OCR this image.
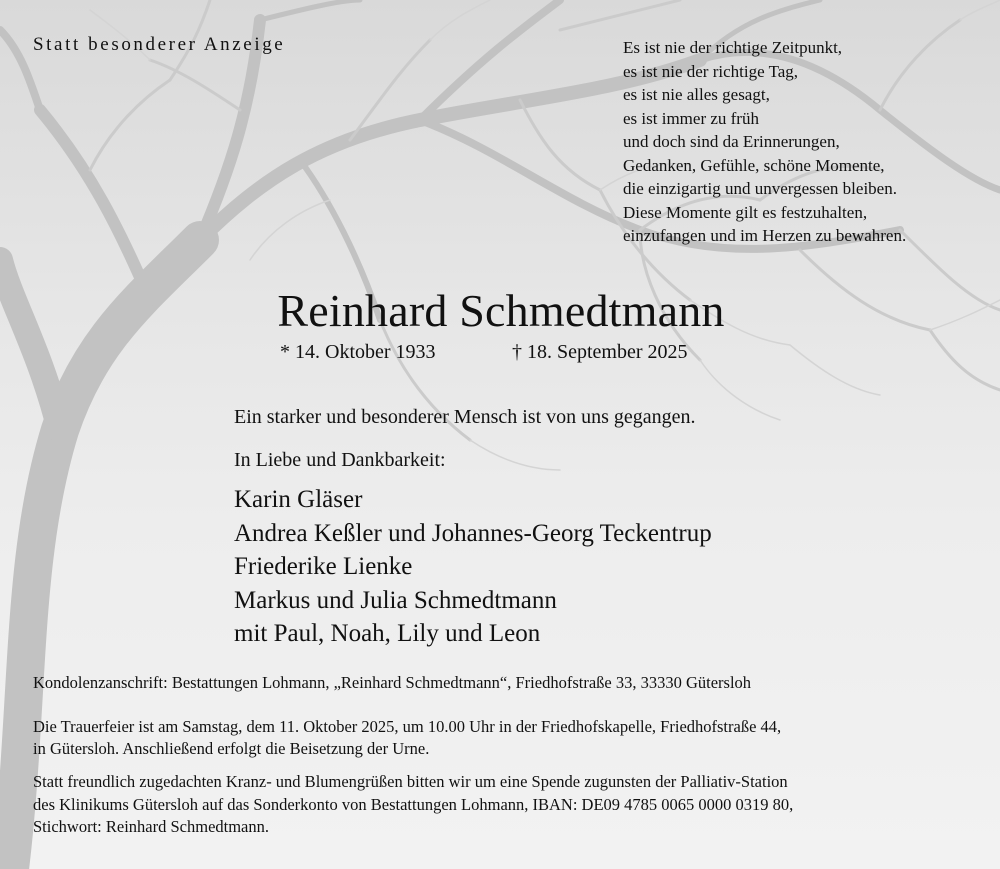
Statt besonderer Anzeige	Es ist nie der richtige Zeitpunkt,
es ist nie der richtige Tag,
es ist nie alles gesagt,
es ist immer zu früh
und doch sind da Erinnerungen,
Gedanken, Gefühle, schöne Momente,
die einzigartig und unvergessen bleiben.
Diese Momente gilt es festzuhalten,
einzufangen und im Herzen zu bewahren.
Reinhard Schmedtmann
* 14. Oktober 1933	† 18. September 2025
Ein starker und besonderer Mensch ist von uns gegangen.
In Liebe und Dankbarkeit:
Karin Gläser
Andrea Keßler und Johannes-Georg Teckentrup
Friederike Lienke
Markus und Julia Schmedtmann
mit Paul, Noah, Lily und Leon
Kondolenzanschrift: Bestattungen Lohmann, „Reinhard Schmedtmann“, Friedhofstraße 33, 33330 Gütersloh
Die Trauerfeier ist am Samstag, dem 11. Oktober 2025, um 10.00 Uhr in der Friedhofskapelle, Friedhofstraße 44,
in Gütersloh. Anschließend erfolgt die Beisetzung der Urne.
Statt freundlich zugedachten Kranz- und Blumengrüßen bitten wir um eine Spende zugunsten der Palliativ-Station
des Klinikums Gütersloh auf das Sonderkonto von Bestattungen Lohmann, IBAN: DE09 4785 0065 0000 0319 80,
Stichwort: Reinhard Schmedtmann.
